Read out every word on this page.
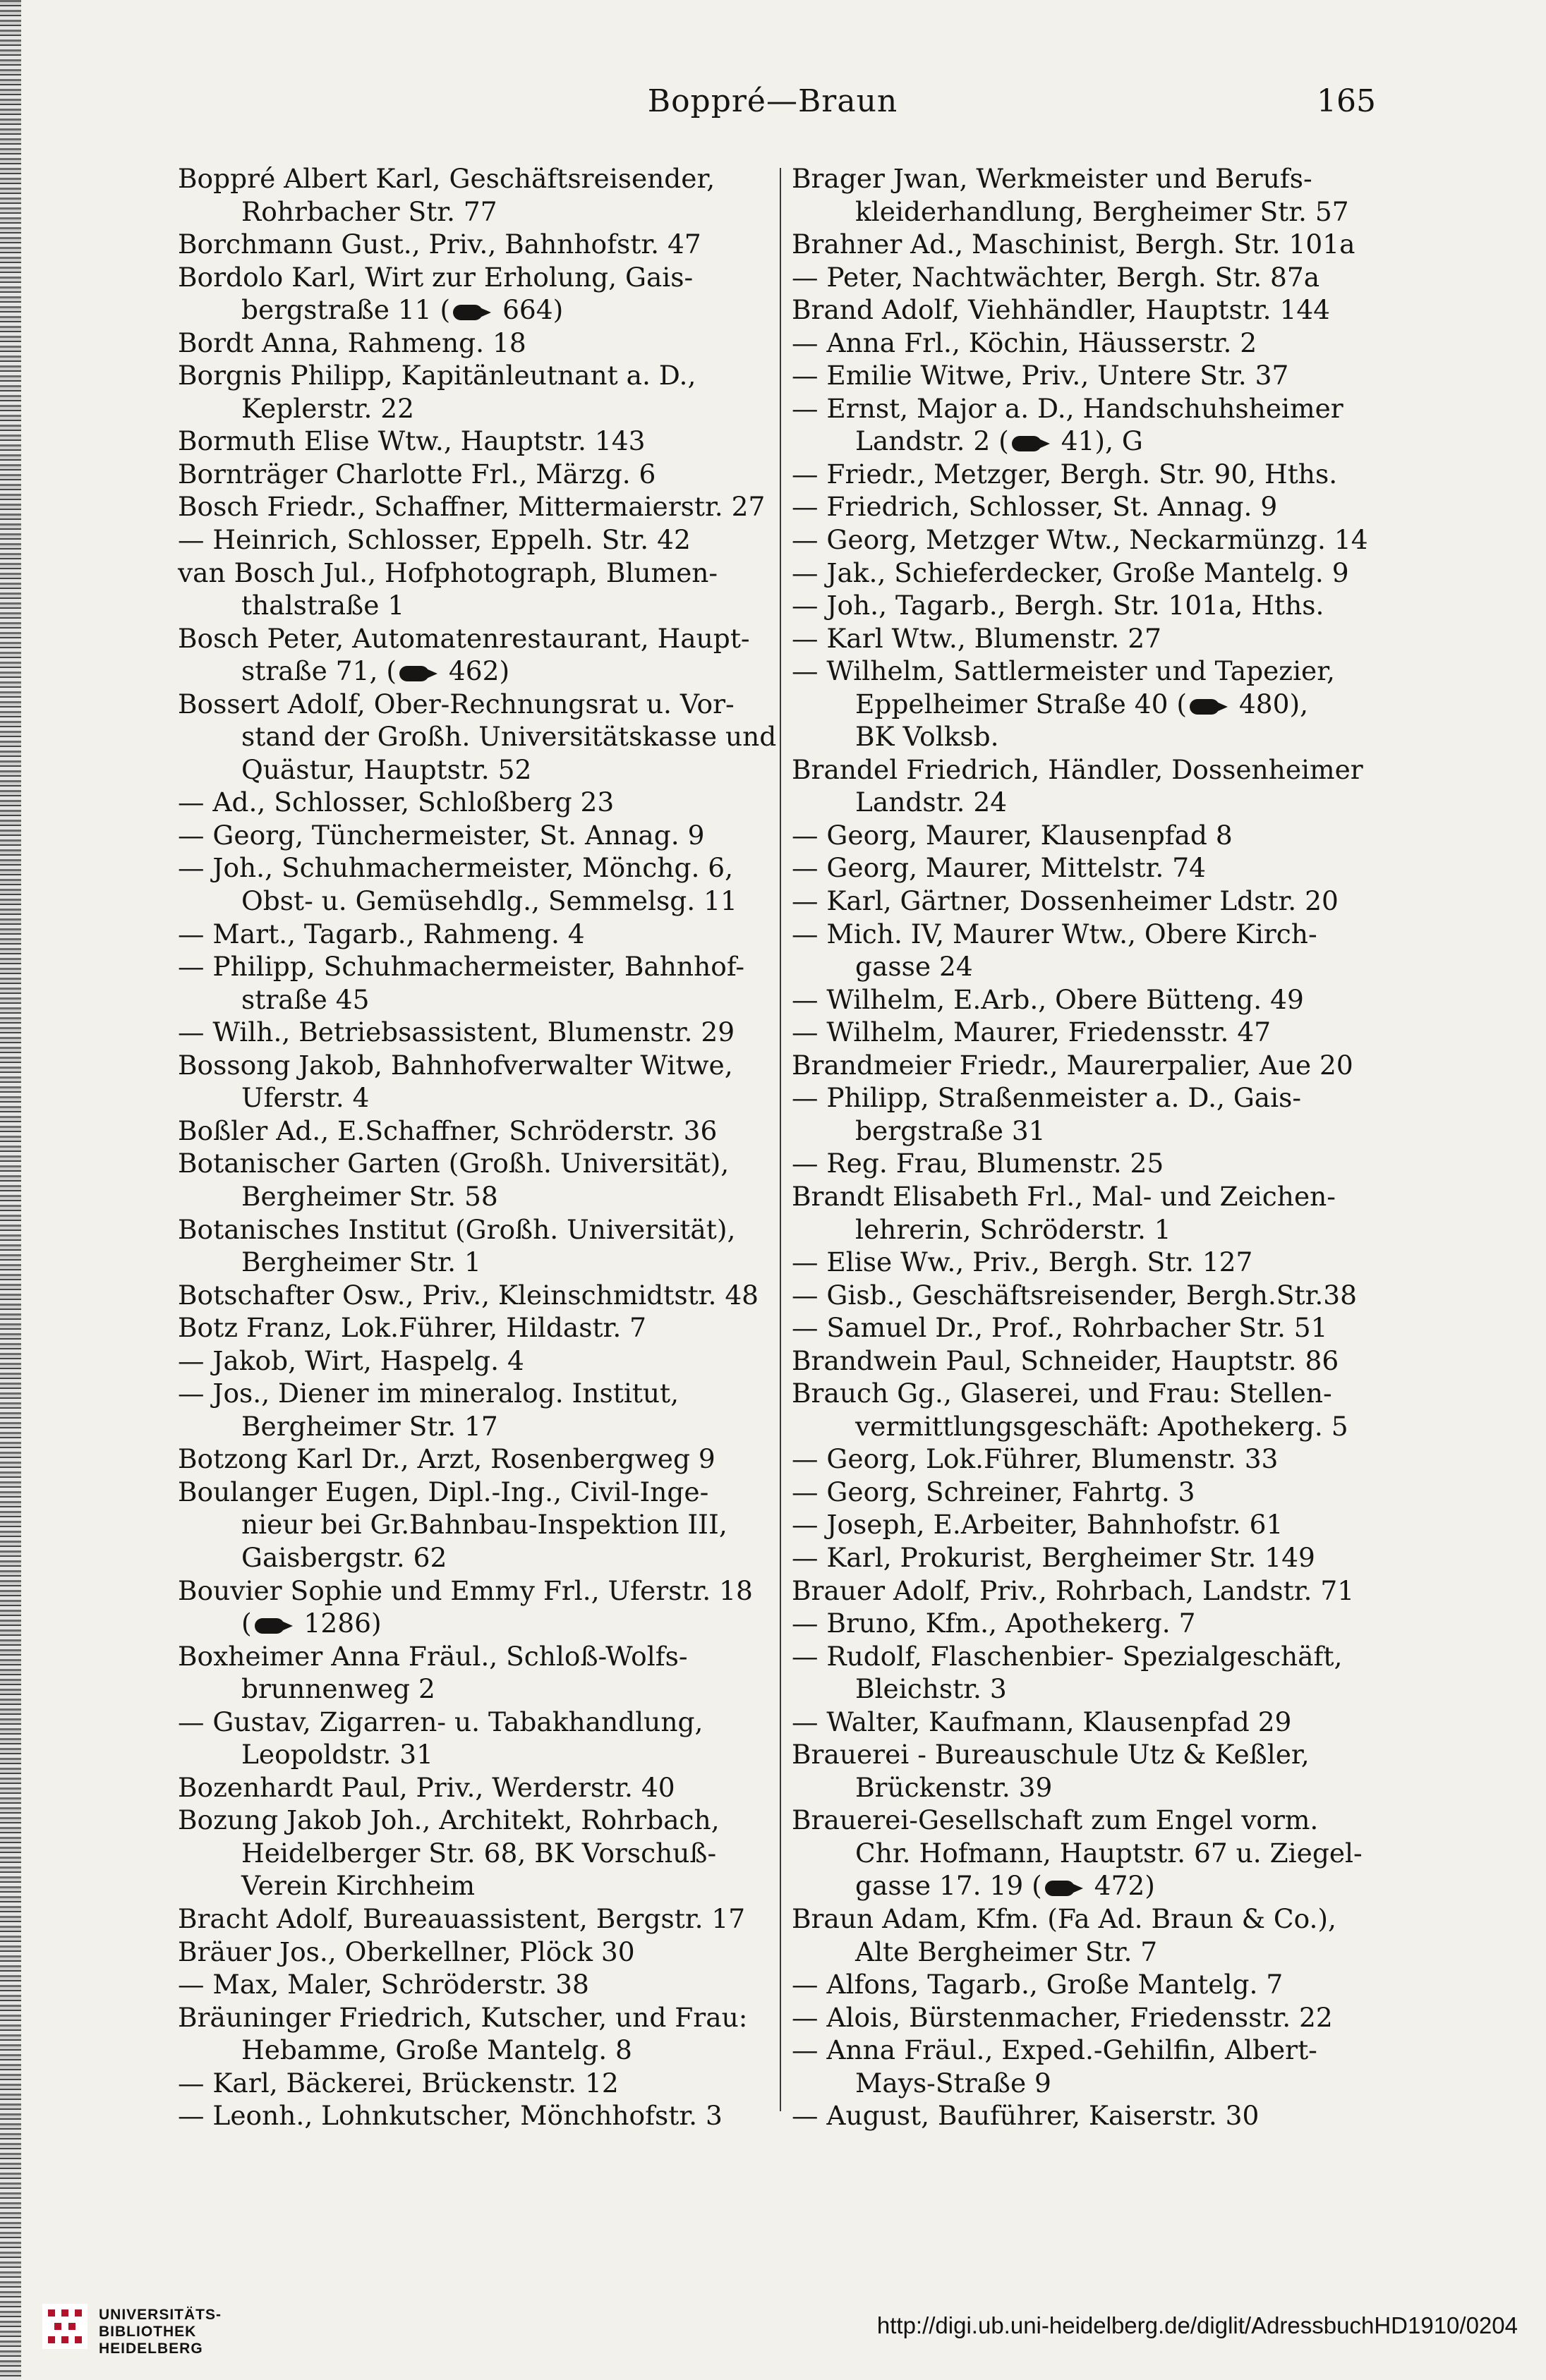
Boppré—Braun	165
Boppré Albert Karl, Geschäftsreisender,
Rohrbacher Str. 77
Borchmann Gust., Priv., Bahnhofstr. 47
Bordolo Karl, Wirt zur Erholung, Gais-
bergstraße 11 ( 664)
Bordt Anna, Rahmeng. 18
Borgnis Philipp, Kapitänleutnant a. D.,
Keplerstr. 22
Bormuth Elise Wtw., Hauptstr. 143
Bornträger Charlotte Frl., Märzg. 6
Bosch Friedr., Schaffner, Mittermaierstr. 27
— Heinrich, Schlosser, Eppelh. Str. 42
van Bosch Jul., Hofphotograph, Blumen-
thalstraße 1
Bosch Peter, Automatenrestaurant, Haupt-
straße 71, ( 462)
Bossert Adolf, Ober-Rechnungsrat u. Vor-
stand der Großh. Universitätskasse und
Quästur, Hauptstr. 52
— Ad., Schlosser, Schloßberg 23
— Georg, Tünchermeister, St. Annag. 9
— Joh., Schuhmachermeister, Mönchg. 6,
Obst- u. Gemüsehdlg., Semmelsg. 11
— Mart., Tagarb., Rahmeng. 4
— Philipp, Schuhmachermeister, Bahnhof-
straße 45
— Wilh., Betriebsassistent, Blumenstr. 29
Bossong Jakob, Bahnhofverwalter Witwe,
Uferstr. 4
Boßler Ad., E.Schaffner, Schröderstr. 36
Botanischer Garten (Großh. Universität),
Bergheimer Str. 58
Botanisches Institut (Großh. Universität),
Bergheimer Str. 1
Botschafter Osw., Priv., Kleinschmidtstr. 48
Botz Franz, Lok.Führer, Hildastr. 7
— Jakob, Wirt, Haspelg. 4
— Jos., Diener im mineralog. Institut,
Bergheimer Str. 17
Botzong Karl Dr., Arzt, Rosenbergweg 9
Boulanger Eugen, Dipl.-Ing., Civil-Inge-
nieur bei Gr.Bahnbau-Inspektion III,
Gaisbergstr. 62
Bouvier Sophie und Emmy Frl., Uferstr. 18
( 1286)
Boxheimer Anna Fräul., Schloß-Wolfs-
brunnenweg 2
— Gustav, Zigarren- u. Tabakhandlung,
Leopoldstr. 31
Bozenhardt Paul, Priv., Werderstr. 40
Bozung Jakob Joh., Architekt, Rohrbach,
Heidelberger Str. 68, BK Vorschuß-
Verein Kirchheim
Bracht Adolf, Bureauassistent, Bergstr. 17
Bräuer Jos., Oberkellner, Plöck 30
— Max, Maler, Schröderstr. 38
Bräuninger Friedrich, Kutscher, und Frau:
Hebamme, Große Mantelg. 8
— Karl, Bäckerei, Brückenstr. 12
— Leonh., Lohnkutscher, Mönchhofstr. 3
Brager Jwan, Werkmeister und Berufs-
kleiderhandlung, Bergheimer Str. 57
Brahner Ad., Maschinist, Bergh. Str. 101a
— Peter, Nachtwächter, Bergh. Str. 87a
Brand Adolf, Viehhändler, Hauptstr. 144
— Anna Frl., Köchin, Häusserstr. 2
— Emilie Witwe, Priv., Untere Str. 37
— Ernst, Major a. D., Handschuhsheimer
Landstr. 2 ( 41), G
— Friedr., Metzger, Bergh. Str. 90, Hths.
— Friedrich, Schlosser, St. Annag. 9
— Georg, Metzger Wtw., Neckarmünzg. 14
— Jak., Schieferdecker, Große Mantelg. 9
— Joh., Tagarb., Bergh. Str. 101a, Hths.
— Karl Wtw., Blumenstr. 27
— Wilhelm, Sattlermeister und Tapezier,
Eppelheimer Straße 40 ( 480),
BK Volksb.
Brandel Friedrich, Händler, Dossenheimer
Landstr. 24
— Georg, Maurer, Klausenpfad 8
— Georg, Maurer, Mittelstr. 74
— Karl, Gärtner, Dossenheimer Ldstr. 20
— Mich. IV, Maurer Wtw., Obere Kirch-
gasse 24
— Wilhelm, E.Arb., Obere Bütteng. 49
— Wilhelm, Maurer, Friedensstr. 47
Brandmeier Friedr., Maurerpalier, Aue 20
— Philipp, Straßenmeister a. D., Gais-
bergstraße 31
— Reg. Frau, Blumenstr. 25
Brandt Elisabeth Frl., Mal- und Zeichen-
lehrerin, Schröderstr. 1
— Elise Ww., Priv., Bergh. Str. 127
— Gisb., Geschäftsreisender, Bergh.Str.38
— Samuel Dr., Prof., Rohrbacher Str. 51
Brandwein Paul, Schneider, Hauptstr. 86
Brauch Gg., Glaserei, und Frau: Stellen-
vermittlungsgeschäft: Apothekerg. 5
— Georg, Lok.Führer, Blumenstr. 33
— Georg, Schreiner, Fahrtg. 3
— Joseph, E.Arbeiter, Bahnhofstr. 61
— Karl, Prokurist, Bergheimer Str. 149
Brauer Adolf, Priv., Rohrbach, Landstr. 71
— Bruno, Kfm., Apothekerg. 7
— Rudolf, Flaschenbier- Spezialgeschäft,
Bleichstr. 3
— Walter, Kaufmann, Klausenpfad 29
Brauerei - Bureauschule Utz & Keßler,
Brückenstr. 39
Brauerei-Gesellschaft zum Engel vorm.
Chr. Hofmann, Hauptstr. 67 u. Ziegel-
gasse 17. 19 ( 472)
Braun Adam, Kfm. (Fa Ad. Braun & Co.),
Alte Bergheimer Str. 7
— Alfons, Tagarb., Große Mantelg. 7
— Alois, Bürstenmacher, Friedensstr. 22
— Anna Fräul., Exped.-Gehilfin, Albert-
Mays-Straße 9
— August, Bauführer, Kaiserstr. 30
UNIVERSITÄTS-
BIBLIOTHEK
HEIDELBERG
http://digi.ub.uni-heidelberg.de/diglit/AdressbuchHD1910/0204
